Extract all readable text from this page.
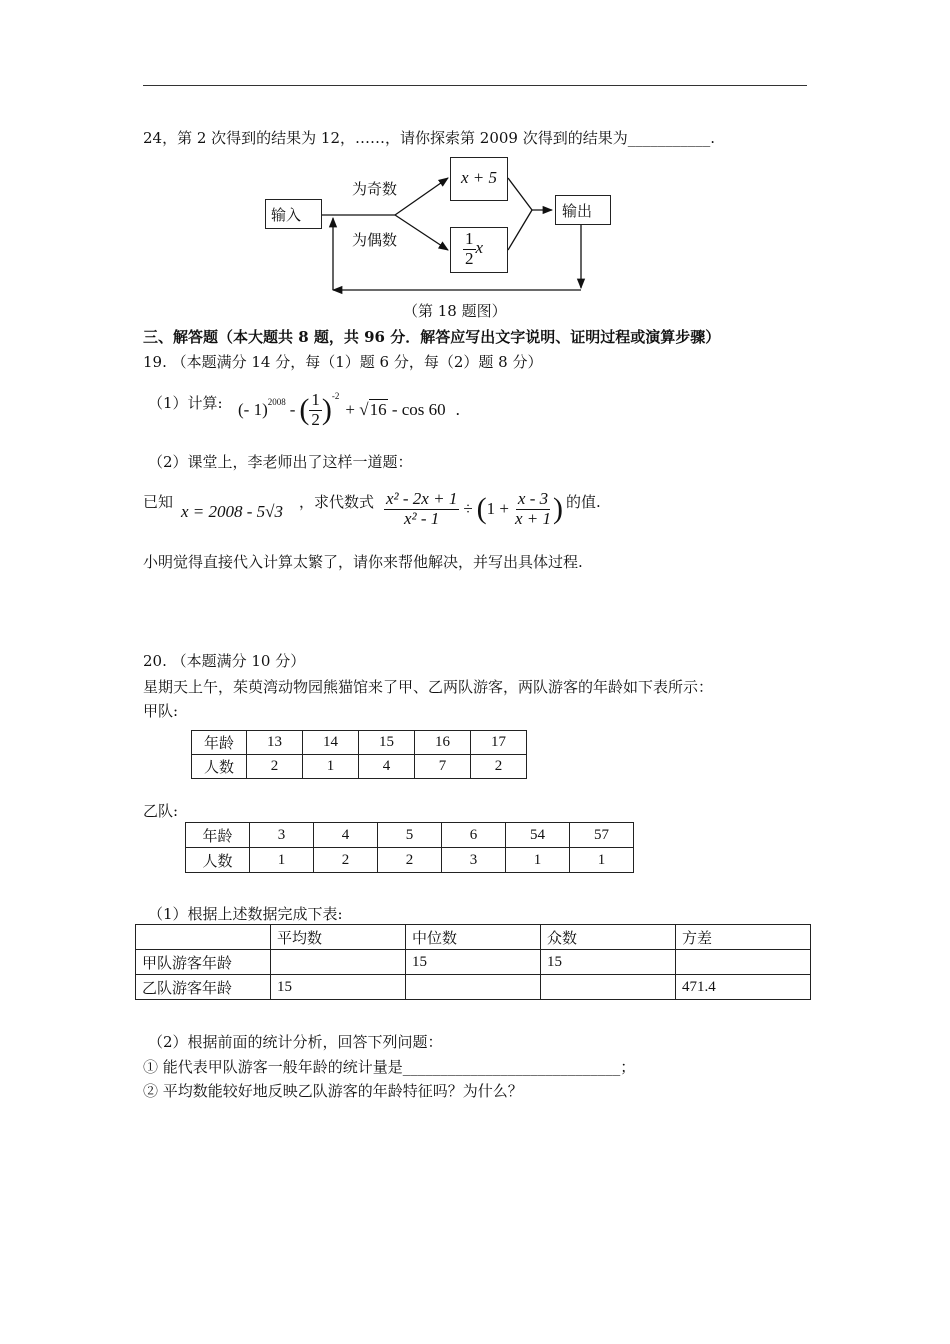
24，第 2 次得到的结果为 12，……，请你探索第 2009 次得到的结果为___________.
输入
为奇数
为偶数
x + 5
$\frac{1}{2}$ x
输出
（第 18 题图）
三、解答题（本大题共 8 题，共 96 分．解答应写出文字说明、证明过程或演算步骤）
19. （本题满分 14 分，每（1）题 6 分，每（2）题 8 分）
（1）计算: (- 1)$^{2008}$ - ( $\frac{1}{2} )^{-2}$
+ √16 - cos 60 .
（2）课堂上，李老师出了这样一道题：
已知 x = 2008 - 5√3 ，求代数式 $\frac{\text{x² - 2x + 1}}{\text{x² - 1}}$ ÷ ( $1 + \frac{x - 3}{x + 1}$ ) 的值.
小明觉得直接代入计算太繁了，请你来帮他解决，并写出具体过程.
20. （本题满分 10 分）
星期天上午，茱萸湾动物园熊猫馆来了甲、乙两队游客，两队游客的年龄如下表所示：
甲队:
年龄	13	14	15	16	17
人数	2	1	4	7	2
乙队:
年龄	3	4	5	6	54	57
人数	1	2	2	3	1	1
（1）根据上述数据完成下表:
	平均数	中位数	众数	方差
甲队游客年龄		15	15	
乙队游客年龄	15			471.4
（2）根据前面的统计分析，回答下列问题：
① 能代表甲队游客一般年龄的统计量是_____________________________；
② 平均数能较好地反映乙队游客的年龄特征吗？为什么？
